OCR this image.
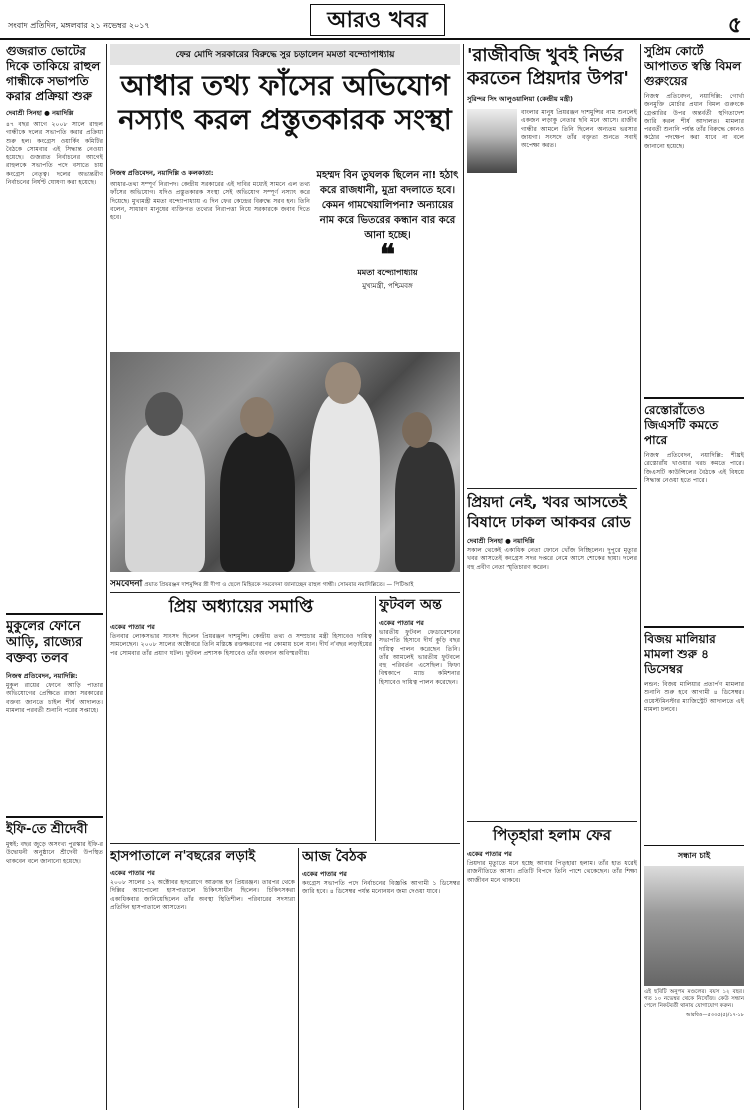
সংবাদ প্রতিদিন, মঙ্গলবার ২১ নভেম্বর ২০১৭	আরও খবর	৫
গুজরাত ভোটের দিকে তাকিয়ে রাহুল গান্ধীকে সভাপতি করার প্রক্রিয়া শুরু
দেবাশ্রী সিনহা ● নয়াদিল্লি
৪৭ বছর আগে ২০০৮ সালে রাহুল গান্ধীকে দলের সভাপতি করার প্রক্রিয়া শুরু হল। কংগ্রেস ওয়ার্কিং কমিটির বৈঠকে সোমবার এই সিদ্ধান্ত নেওয়া হয়েছে। গুজরাত নির্বাচনের আগেই রাহুলকে সভাপতি পদে বসাতে চায় কংগ্রেস নেতৃত্ব। দলের অভ্যন্তরীণ নির্বাচনের নির্ঘণ্ট ঘোষণা করা হয়েছে।
মুকুলের ফোনে আড়ি, রাজ্যের বক্তব্য তলব
নিজস্ব প্রতিবেদন, নয়াদিল্লি:
মুকুল রায়ের ফোনে আড়ি পাতার অভিযোগের প্রেক্ষিতে রাজ্য সরকারের বক্তব্য জানতে চাইল শীর্ষ আদালত। মামলার পরবর্তী শুনানি পরের সপ্তাহে।
ইফি-তে শ্রীদেবী
মুম্বই: বছর জুড়ে অসংখ্য পুরস্কার ইফি-র উদ্বোধনী অনুষ্ঠানে শ্রীদেবী উপস্থিত থাকবেন বলে জানানো হয়েছে।
ফের মোদি সরকারের বিরুদ্ধে সুর চড়ালেন মমতা বন্দ্যোপাধ্যায়
আধার তথ্য ফাঁসের অভিযোগ
নস্যাৎ করল প্রস্তুতকারক সংস্থা
নিজস্ব প্রতিবেদন, নয়াদিল্লি ও কলকাতা:
আধার-তথ্য সম্পূর্ণ নিরাপদ। কেন্দ্রীয় সরকারের এই দাবির মধ্যেই সামনে এল তথ্য ফাঁসের অভিযোগ। যদিও প্রস্তুতকারক সংস্থা সেই অভিযোগ সম্পূর্ণ নস্যাৎ করে দিয়েছে। মুখ্যমন্ত্রী মমতা বন্দ্যোপাধ্যায় এ দিন ফের কেন্দ্রের বিরুদ্ধে সরব হন। তিনি বলেন, সাধারণ মানুষের ব্যক্তিগত তথ্যের নিরাপত্তা নিয়ে সরকারকে জবাব দিতে হবে।
মহম্মদ বিন তুঘলক ছিলেন না! হঠাৎ করে রাজধানী, মুদ্রা বদলাতে হবে। কেমন গামখেয়ালিপনা? অন্যায়ের নাম করে ভিতরের কন্ধান বার করে আনা হচ্ছে।
❝
মমতা বন্দ্যোপাধ্যায়
মুখ্যমন্ত্রী, পশ্চিমবঙ্গ
সমবেদনা প্রয়াত প্রিয়রঞ্জন দাশমুন্সির স্ত্রী দীপা ও ছেলে মিহিরকে সমবেদনা জানাচ্ছেন রাহুল গান্ধী। সোমবার নয়াদিল্লিতে। — পিটিআই
প্রিয় অধ্যায়ের সমাপ্তি
একের পাতার পর
তিনবার লোকসভার সাংসদ ছিলেন প্রিয়রঞ্জন দাশমুন্সি। কেন্দ্রীয় তথ্য ও সম্প্রচার মন্ত্রী হিসাবেও দায়িত্ব সামলেছেন। ২০০৮ সালের অক্টোবরে তিনি মস্তিষ্কে রক্তক্ষরণের পর কোমায় চলে যান। দীর্ঘ ন'বছর লড়াইয়ের পর সোমবার তাঁর প্রয়াণ ঘটল। ফুটবল প্রশাসক হিসাবেও তাঁর অবদান অবিস্মরণীয়।
ফুটবল অন্ত
একের পাতার পর
ভারতীয় ফুটবল ফেডারেশনের সভাপতি হিসাবে দীর্ঘ কুড়ি বছর দায়িত্ব পালন করেছেন তিনি। তাঁর আমলেই ভারতীয় ফুটবলে বহু পরিবর্তন এসেছিল। ফিফা বিশ্বকাপে ম্যাচ কমিশনার হিসাবেও দায়িত্ব পালন করেছেন।
হাসপাতালে ন'বছরের লড়াই
একের পাতার পর
২০০৮ সালের ১২ অক্টোবর হৃদরোগে আক্রান্ত হন প্রিয়রঞ্জন। তারপর থেকে দিল্লির অ্যাপোলো হাসপাতালে চিকিৎসাধীন ছিলেন। চিকিৎসকরা একাধিকবার জানিয়েছিলেন তাঁর অবস্থা স্থিতিশীল। পরিবারের সদস্যরা প্রতিদিন হাসপাতালে আসতেন।
আজ বৈঠক
একের পাতার পর
কংগ্রেস সভাপতি পদে নির্বাচনের বিজ্ঞপ্তি আগামী ১ ডিসেম্বর জারি হবে। ৪ ডিসেম্বর পর্যন্ত মনোনয়ন জমা দেওয়া যাবে।
'রাজীবজি খুবই নির্ভর করতেন প্রিয়দার উপর'
সুরিন্দর সিং আলুওয়ালিয়া (কেন্দ্রীয় মন্ত্রী)
বাংলার মানুষ প্রিয়রঞ্জন দাশমুন্সির নাম শুনলেই একজন লড়াকু নেতার ছবি মনে আসে। রাজীব গান্ধীর আমলে তিনি ছিলেন অন্যতম ভরসার জায়গা। সংসদে তাঁর বক্তৃতা শুনতে সবাই অপেক্ষা করত।
প্রিয়দা নেই, খবর আসতেই বিষাদে ঢাকল আকবর রোড
দেবাশ্রী সিনহা ● নয়াদিল্লি
সকাল থেকেই একাধিক নেতা ফোনে খোঁজ নিচ্ছিলেন। দুপুরে মৃত্যুর খবর আসতেই কংগ্রেস সদর দপ্তরে নেমে আসে শোকের ছায়া। দলের বহু প্রবীণ নেতা স্মৃতিচারণ করেন।
পিতৃহারা হলাম ফের
একের পাতার পর
প্রিয়দার মৃত্যুতে মনে হচ্ছে আবার পিতৃহারা হলাম। তাঁর হাত ধরেই রাজনীতিতে আসা। প্রতিটি বিপদে তিনি পাশে থেকেছেন। তাঁর শিক্ষা আজীবন মনে থাকবে।
সুপ্রিম কোর্টে আপাতত স্বস্তি বিমল গুরুংয়ের
নিজস্ব প্রতিবেদন, নয়াদিল্লি: গোর্খা জনমুক্তি মোর্চার প্রধান বিমল গুরুংকে গ্রেপ্তারির উপর অন্তর্বর্তী স্থগিতাদেশ জারি করল শীর্ষ আদালত। মামলার পরবর্তী শুনানি পর্যন্ত তাঁর বিরুদ্ধে কোনও কঠোর পদক্ষেপ করা যাবে না বলে জানানো হয়েছে।
রেস্তোরাঁতেও জিএসটি কমতে পারে
নিজস্ব প্রতিবেদন, নয়াদিল্লি: শীঘ্রই রেস্তোরাঁয় খাওয়ার খরচ কমতে পারে। জিএসটি কাউন্সিলের বৈঠকে এই বিষয়ে সিদ্ধান্ত নেওয়া হতে পারে।
বিজয় মালিয়ার মামলা শুরু ৪ ডিসেম্বর
লন্ডন: বিজয় মালিয়ার প্রত্যর্পণ মামলার শুনানি শুরু হবে আগামী ৪ ডিসেম্বর। ওয়েস্টমিনস্টার ম্যাজিস্ট্রেট আদালতে এই মামলা চলবে।
সন্ধান চাই
এই ছবিটি অনুপম মণ্ডলের। বয়স ১২ বছর। গত ১০ নভেম্বর থেকে নিখোঁজ। কেউ সন্ধান পেলে নিকটবর্তী থানায় যোগাযোগ করুন।
আরবিও—৫৩৩৫(৫)/১৭-১৮
